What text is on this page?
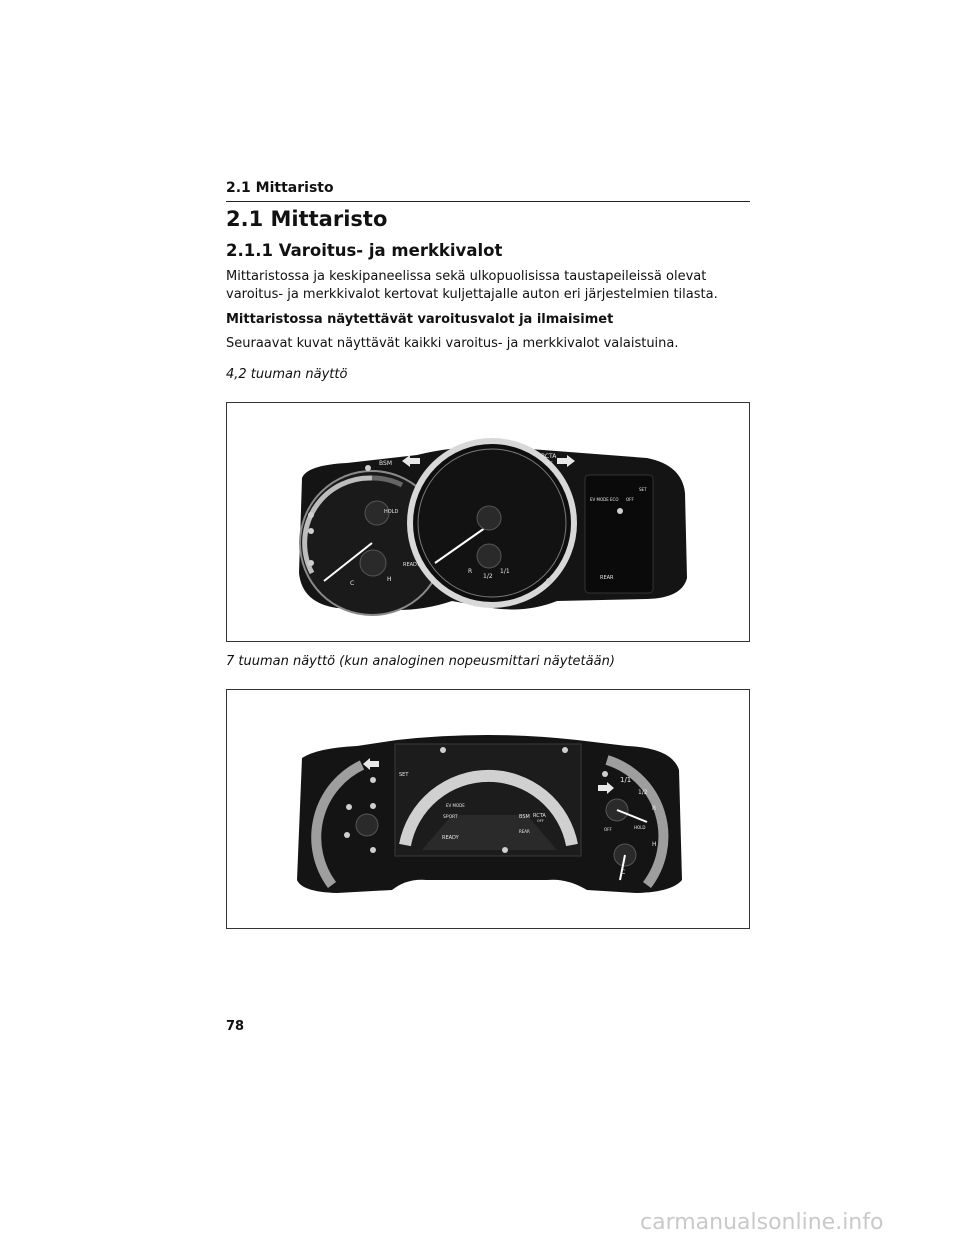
2.1 Mittaristo
2.1 Mittaristo
2.1.1 Varoitus- ja merkkivalot
Mittaristossa ja keskipaneelissa sekä ulkopuolisissa taustapeileissä olevat varoitus- ja merkkivalot kertovat kuljettajalle auton eri järjestelmien tilasta.
Mittaristossa näytettävät varoitusvalot ja ilmaisimet
Seuraavat kuvat näyttävät kaikki varoitus- ja merkkivalot valaistuina.
4,2 tuuman näyttö
BSM
RCTA
OFF
HOLD
READY
REAR
SET
EV MODE ECO OFF
R
1/2
1/1
H
C
7 tuuman näyttö (kun analoginen nopeusmittari näytetään)
SET
EV MODE
SPORT
READY
BSM RCTA
OFF
REAR
HOLD
OFF
1/1
1/2
R
H
C
78
carmanualsonline.info
